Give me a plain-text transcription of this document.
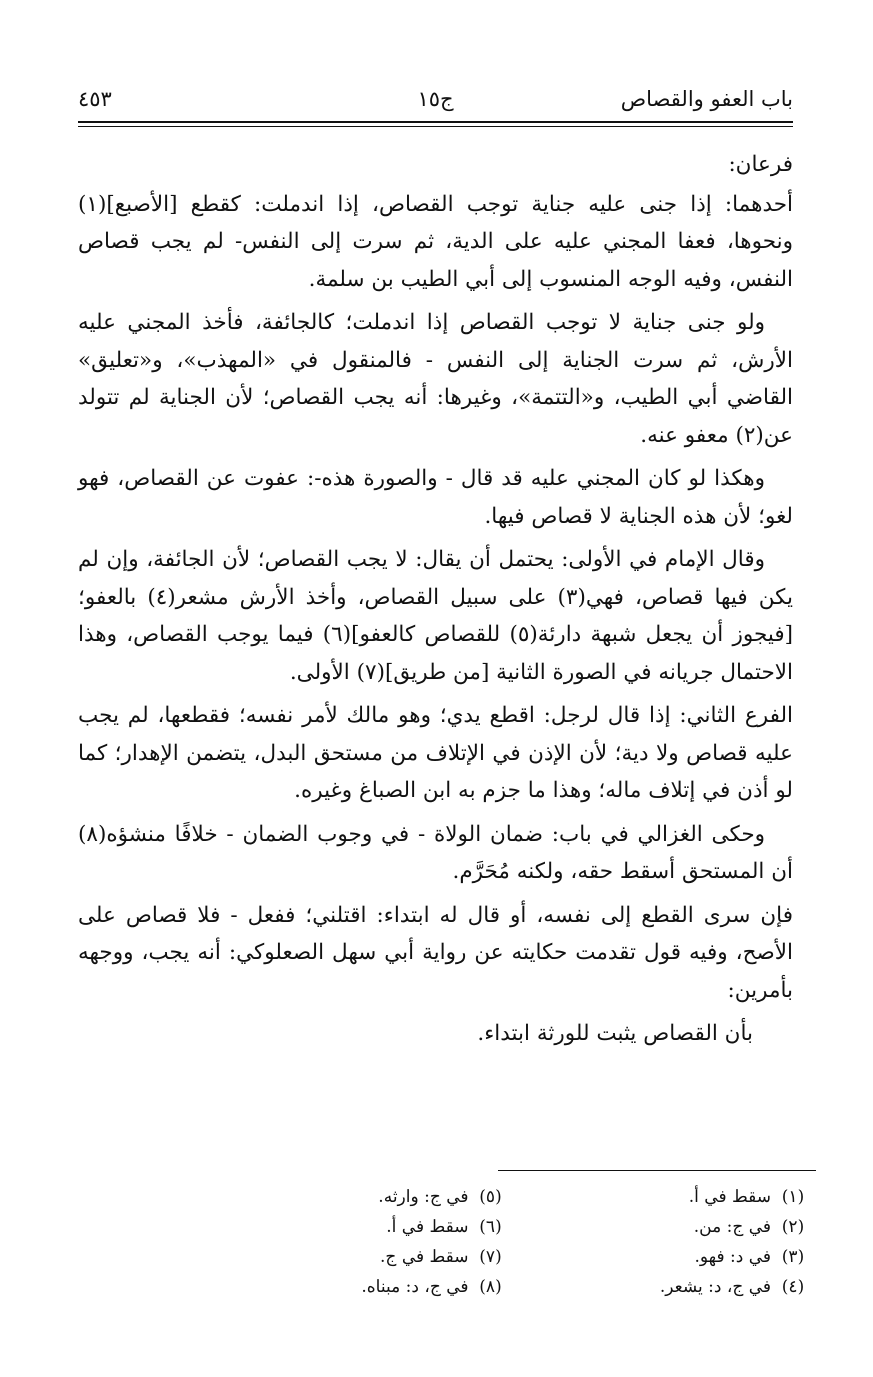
باب العفو والقصاص
ج١٥
٤٥٣

فرعان:

أحدهما: إذا جنى عليه جناية توجب القصاص، إذا اندملت: كقطع [الأصبع](١) ونحوها، فعفا المجني عليه على الدية، ثم سرت إلى النفس- لم يجب قصاص النفس، وفيه الوجه المنسوب إلى أبي الطيب بن سلمة.

ولو جنى جناية لا توجب القصاص إذا اندملت؛ كالجائفة، فأخذ المجني عليه الأرش، ثم سرت الجناية إلى النفس - فالمنقول في «المهذب»، و«تعليق» القاضي أبي الطيب، و«التتمة»، وغيرها: أنه يجب القصاص؛ لأن الجناية لم تتولد عن(٢) معفو عنه.

وهكذا لو كان المجني عليه قد قال - والصورة هذه-: عفوت عن القصاص، فهو لغو؛ لأن هذه الجناية لا قصاص فيها.

وقال الإمام في الأولى: يحتمل أن يقال: لا يجب القصاص؛ لأن الجائفة، وإن لم يكن فيها قصاص، فهي(٣) على سبيل القصاص، وأخذ الأرش مشعر(٤) بالعفو؛ [فيجوز أن يجعل شبهة دارئة(٥) للقصاص كالعفو](٦) فيما يوجب القصاص، وهذا الاحتمال جريانه في الصورة الثانية [من طريق](٧) الأولى.

الفرع الثاني: إذا قال لرجل: اقطع يدي؛ وهو مالك لأمر نفسه؛ فقطعها، لم يجب عليه قصاص ولا دية؛ لأن الإذن في الإتلاف من مستحق البدل، يتضمن الإهدار؛ كما لو أذن في إتلاف ماله؛ وهذا ما جزم به ابن الصباغ وغيره.

وحكى الغزالي في باب: ضمان الولاة - في وجوب الضمان - خلافًا منشؤه(٨) أن المستحق أسقط حقه، ولكنه مُحَرَّم.

فإن سرى القطع إلى نفسه، أو قال له ابتداء: اقتلني؛ ففعل - فلا قصاص على الأصح، وفيه قول تقدمت حكايته عن رواية أبي سهل الصعلوكي: أنه يجب، ووجهه بأمرين:

بأن القصاص يثبت للورثة ابتداء.

(١)
سقط في أ.
(٢)
في ج: من.
(٣)
في د: فهو.
(٤)
في ج، د: يشعر.
(٥)
في ج: وارثه.
(٦)
سقط في أ.
(٧)
سقط في ج.
(٨)
في ج، د: مبناه.
